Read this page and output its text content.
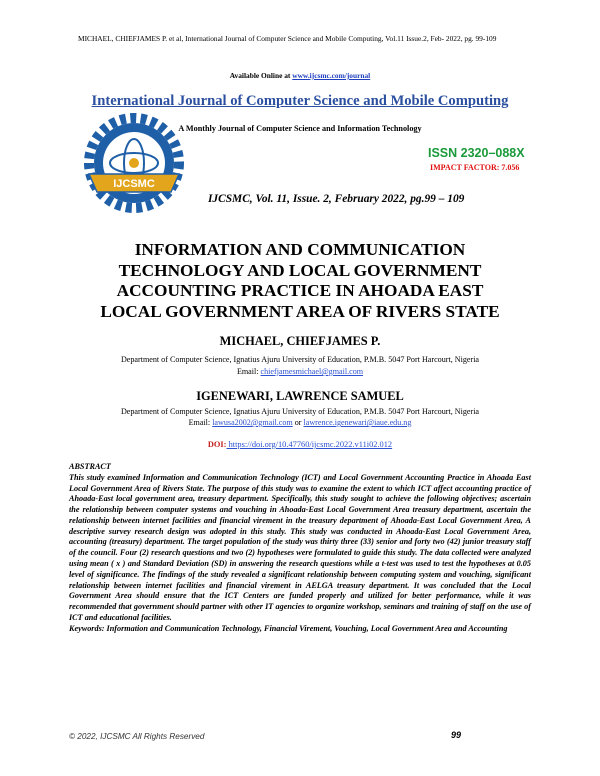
MICHAEL, CHIEFJAMES P. et al, International Journal of Computer Science and Mobile Computing, Vol.11 Issue.2, Feb- 2022, pg. 99-109
Available Online at www.ijcsmc.com/journal
International Journal of Computer Science and Mobile Computing
A Monthly Journal of Computer Science and Information Technology
IJCSMC
ISSN 2320–088X
IMPACT FACTOR: 7.056
IJCSMC, Vol. 11, Issue. 2, February 2022, pg.99 – 109
INFORMATION AND COMMUNICATION
TECHNOLOGY AND LOCAL GOVERNMENT
ACCOUNTING PRACTICE IN AHOADA EAST
LOCAL GOVERNMENT AREA OF RIVERS STATE
MICHAEL, CHIEFJAMES P.
Department of Computer Science, Ignatius Ajuru University of Education, P.M.B. 5047 Port Harcourt, Nigeria
Email: chiefjamesmichael@gmail.com
IGENEWARI, LAWRENCE SAMUEL
Department of Computer Science, Ignatius Ajuru University of Education, P.M.B. 5047 Port Harcourt, Nigeria
Email: lawusa2002@gmail.com or lawrence.igenewari@iaue.edu.ng
DOI: https://doi.org/10.47760/ijcsmc.2022.v11i02.012

ABSTRACT

This study examined Information and Communication Technology (ICT) and Local Government Accounting Practice in Ahoada East Local Government Area of Rivers State. The purpose of this study was to examine the extent to which ICT affect accounting practice of Ahoada-East local government area, treasury department. Specifically, this study sought to achieve the following objectives; ascertain the relationship between computer systems and vouching in Ahoada-East Local Government Area treasury department, ascertain the relationship between internet facilities and financial virement in the treasury department of Ahoada-East Local Government Area, A descriptive survey research design was adopted in this study. This study was conducted in Ahoada-East Local Government Area, accounting (treasury) department. The target population of the study was thirty three (33) senior and forty two (42) junior treasury staff of the council. Four (2) research questions and two (2) hypotheses were formulated to guide this study. The data collected were analyzed using mean ( x ) and Standard Deviation (SD) in answering the research questions while a t-test was used to test the hypotheses at 0.05 level of significance. The findings of the study revealed a significant relationship between computing system and vouching, significant relationship between internet facilities and financial virement in AELGA treasury department. It was concluded that the Local Government Area should ensure that the ICT Centers are funded properly and utilized for better performance, while it was recommended that government should partner with other IT agencies to organize workshop, seminars and training of staff on the use of ICT and educational facilities.

Keywords: Information and Communication Technology, Financial Virement, Vouching, Local Government Area and Accounting

© 2022, IJCSMC All Rights Reserved	99
